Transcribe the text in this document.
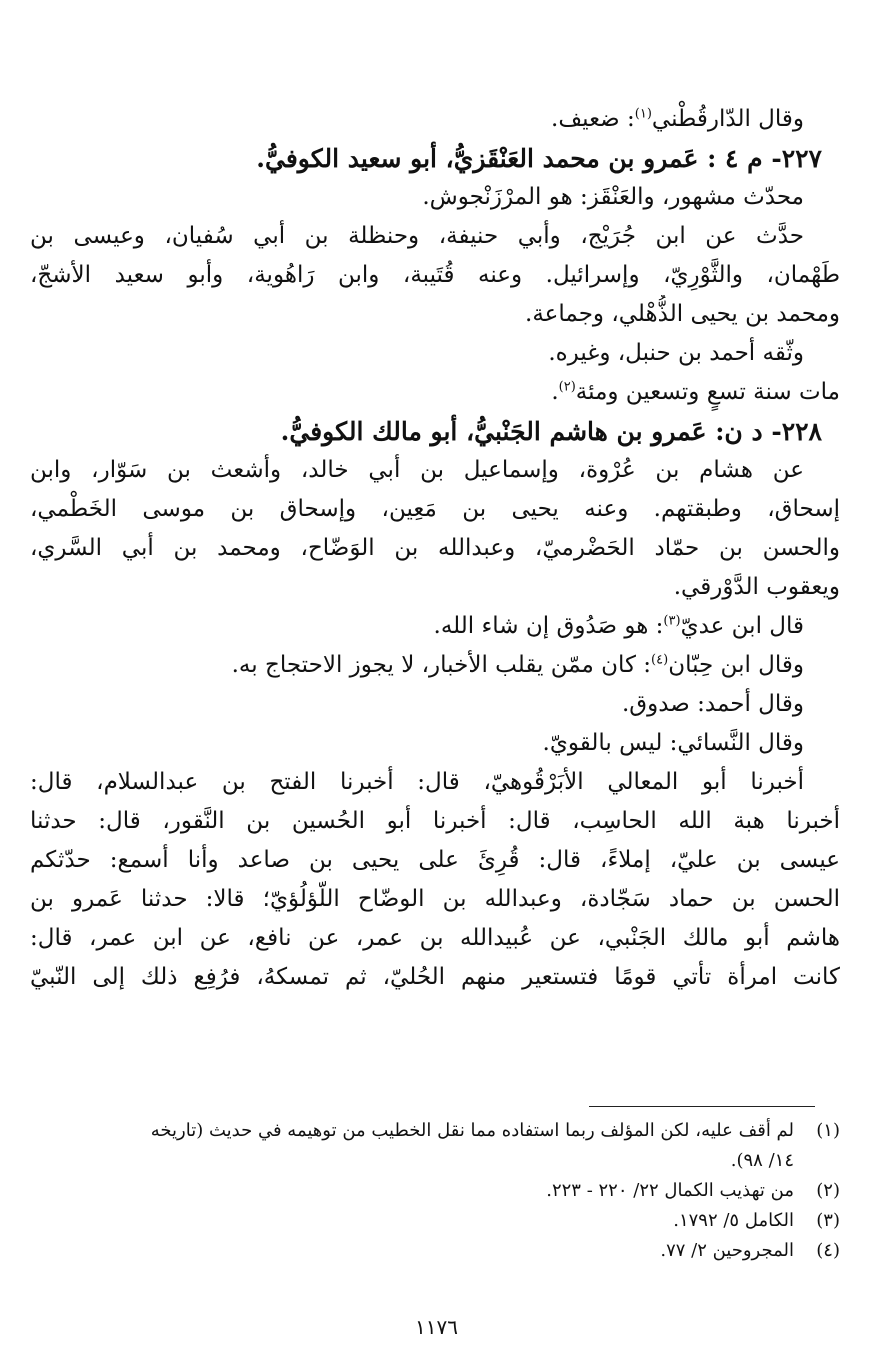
وقال الدّارقُطْني$^{(١)}$: ضعيف.
٢٢٧- م ٤ : عَمرو بن محمد العَنْقَزيُّ، أبو سعيد الكوفيُّ.
محدّث مشهور، والعَنْقَز: هو المرْزَنْجوش.
حدَّث عن ابن جُرَيْج، وأبي حنيفة، وحنظلة بن أبي سُفيان، وعيسى بن
طَهْمان، والثَّوْرِيّ، وإسرائيل. وعنه قُتَيبة، وابن رَاهُوية، وأبو سعيد الأشجّ،
ومحمد بن يحيى الذُّهْلي، وجماعة.
وثّقه أحمد بن حنبل، وغيره.
مات سنة تسعٍ وتسعين ومئة$^{(٢)}$.
٢٢٨- د ن: عَمرو بن هاشم الجَنْبيُّ، أبو مالك الكوفيُّ.
عن هشام بن عُرْوة، وإسماعيل بن أبي خالد، وأشعث بن سَوّار، وابن
إسحاق، وطبقتهم. وعنه يحيى بن مَعِين، وإسحاق بن موسى الخَطْمي،
والحسن بن حمّاد الحَضْرميّ، وعبدالله بن الوَضّاح، ومحمد بن أبي السَّري،
ويعقوب الدَّوْرقي.
قال ابن عديّ$^{(٣)}$: هو صَدُوق إن شاء الله.
وقال ابن حِبّان$^{(٤)}$: كان ممّن يقلب الأخبار، لا يجوز الاحتجاج به.
وقال أحمد: صدوق.
وقال النَّسائي: ليس بالقويّ.
أخبرنا أبو المعالي الأبَرْقُوهيّ، قال: أخبرنا الفتح بن عبدالسلام، قال:
أخبرنا هبة الله الحاسِب، قال: أخبرنا أبو الحُسين بن النَّقور، قال: حدثنا
عيسى بن عليّ، إملاءً، قال: قُرِئَ على يحيى بن صاعد وأنا أسمع: حدّثكم
الحسن بن حماد سَجّادة، وعبدالله بن الوضّاح اللّؤلُؤيّ؛ قالا: حدثنا عَمرو بن
هاشم أبو مالك الجَنْبي، عن عُبيدالله بن عمر، عن نافع، عن ابن عمر، قال:
كانت امرأة تأتي قومًا فتستعير منهم الحُليّ، ثم تمسكهُ، فرُفِع ذلك إلى النّبيّ
(١)لم أقف عليه، لكن المؤلف ربما استفاده مما نقل الخطيب من توهيمه في حديث (تاريخه
١٤/ ٩٨).
(٢)من تهذيب الكمال ٢٢/ ٢٢٠ - ٢٢٣.
(٣)الكامل ٥/ ١٧٩٢.
(٤)المجروحين ٢/ ٧٧.
١١٧٦
